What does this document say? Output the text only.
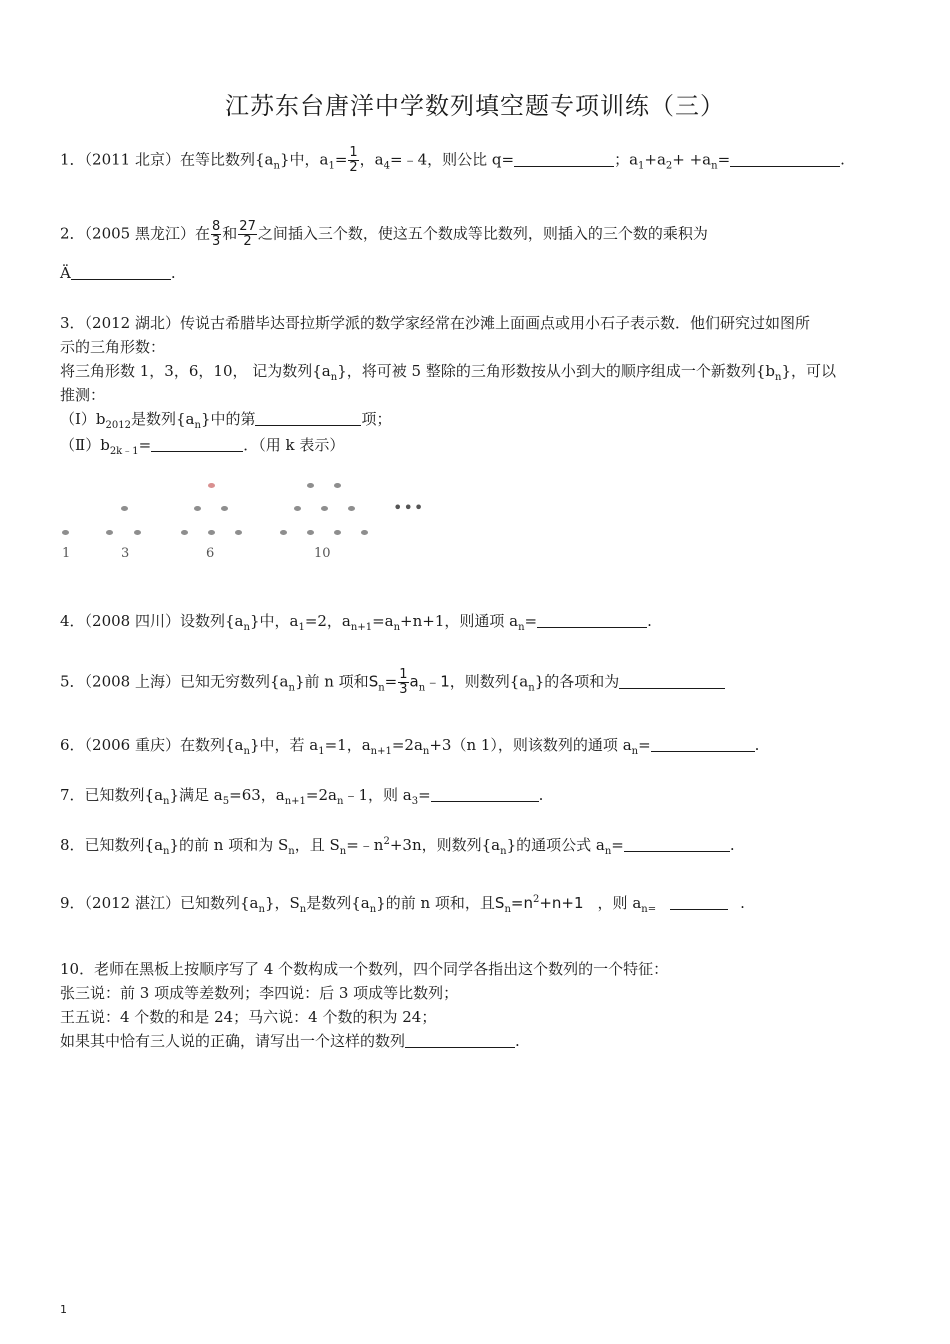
江苏东台唐洋中学数列填空题专项训练（三）
1．（2011 北京）在等比数列$\{a_n\}$中，$a_1= \frac{1}{2}$ ，$a_4=﹣4$，则公比 q=	；$a_1+a_2+ +a_n=$	.
2．（2005 黑龙江）在 $\frac{8}{3}$ 和 $\frac{27}{2}$ 之间插入三个数，使这五个数成等比数列，则插入的三个数的乘积为
Ä	.
3．（2012 湖北）传说古希腊毕达哥拉斯学派的数学家经常在沙滩上面画点或用小石子表示数．他们研究过如图所
示的三角形数：
将三角形数 1，3，6，10， 记为数列$\{a_n\}$，将可被 5 整除的三角形数按从小到大的顺序组成一个新数列$\{b_n\}$，可以
推测：
$(Ⅰ)b_{2012}$是数列$\{a_n\}$中的第	项；
$(Ⅱ)b_{2k﹣1}=$	．（用 k 表示）
•••
1	3	6	10
4．（2008 四川）设数列$\{a_n\}$中，$a_1=2$，$a_{n+1}=a_n+n+1$，则通项 $a_n=$	.
5．（2008 上海）已知无穷数列$\{a_n\}$前 n 项和$S_n= \frac{1}{3}$ $a_n﹣1$，则数列$\{a_n\}$的各项和为
6．（2006 重庆）在数列$\{a_n\}$中，若 $a_1=1$，$a_{n+1}=2a_n+3(n$ 1），则该数列的通项 $a_n=$	.
7．已知数列$\{a_n\}$满足 $a_5=63$，$a_{n+1}=2a_n﹣1$，则 $a_3=$	.
8．已知数列$\{a_n\}$的前 n 项和为 $S_n$，且 $S_n=﹣n^2+3n$，则数列$\{a_n\}$的通项公式 $a_n=$	.
9．（2012 湛江）已知数列$\{a_n\}$，$S_n$是数列$\{a_n\}$的前 n 项和，且$S_n=n^2+n+1$ ，则 $a_{n=}$	.
10．老师在黑板上按顺序写了 4 个数构成一个数列，四个同学各指出这个数列的一个特征：
张三说：前 3 项成等差数列；李四说：后 3 项成等比数列；
王五说：4 个数的和是 24；马六说：4 个数的积为 24；
如果其中恰有三人说的正确，请写出一个这样的数列	.
1
